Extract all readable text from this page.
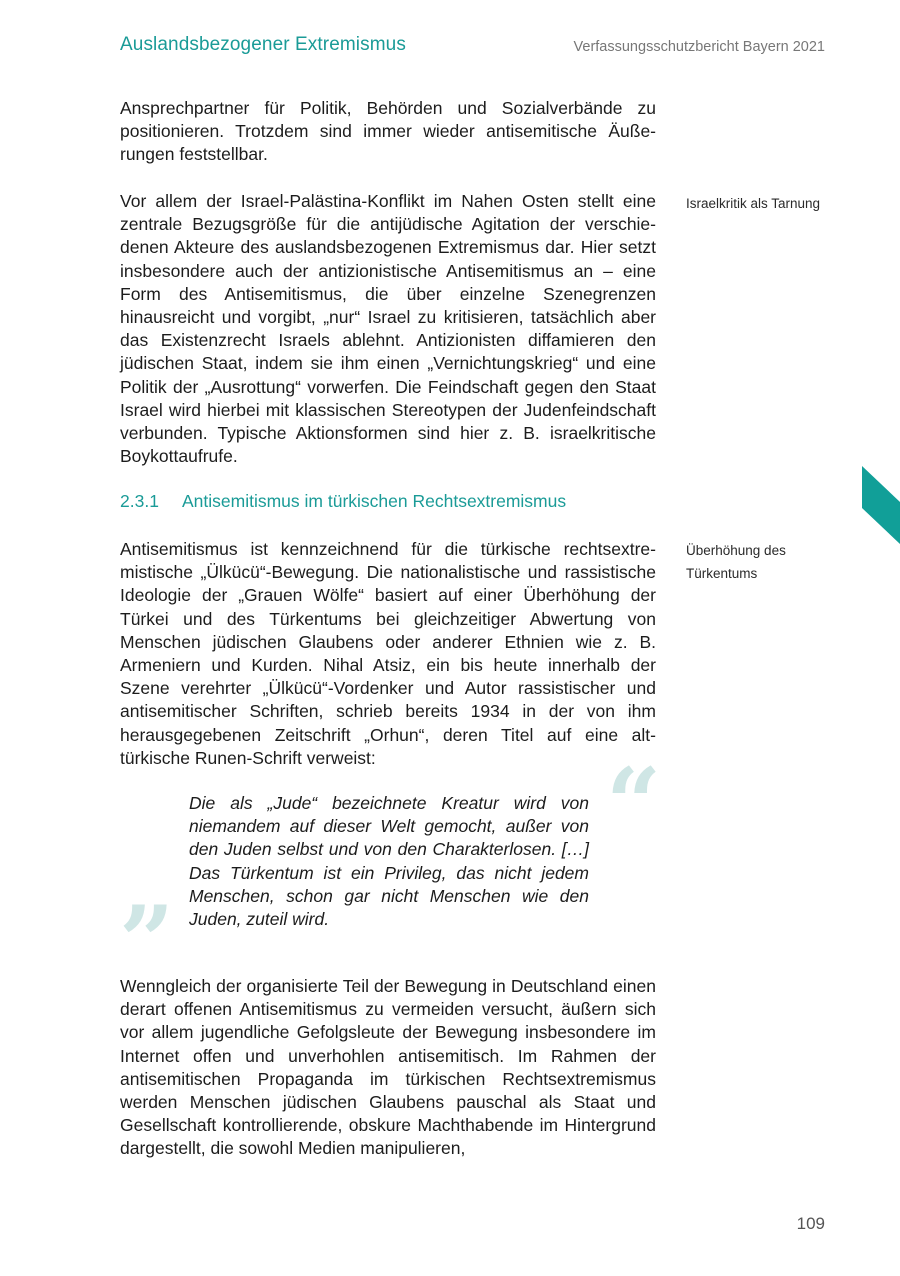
Auslandsbezogener Extremismus	Verfassungsschutzbericht Bayern 2021

Ansprechpartner für Politik, Behörden und Sozialverbände zu positionieren. Trotzdem sind immer wieder antisemitische Äußerungen feststellbar.

Vor allem der Israel-Palästina-Konflikt im Nahen Osten stellt eine zentrale Bezugsgröße für die antijüdische Agitation der verschiedenen Akteure des auslandsbezogenen Extremismus dar. Hier setzt insbesondere auch der antizionistische Antisemitismus an – eine Form des Antisemitismus, die über einzelne Szenegrenzen hinausreicht und vorgibt, „nur“ Israel zu kritisieren, tatsächlich aber das Existenzrecht Israels ablehnt. Antizionisten diffamieren den jüdischen Staat, indem sie ihm einen „Vernichtungskrieg“ und eine Politik der „Ausrottung“ vorwerfen. Die Feindschaft gegen den Staat Israel wird hierbei mit klassischen Stereotypen der Judenfeindschaft verbunden. Typische Aktionsformen sind hier z. B. israelkritische Boykottaufrufe.

Israelkritik als Tarnung
2.3.1 Antisemitismus im türkischen Rechtsextremismus

Antisemitismus ist kennzeichnend für die türkische rechtsextremistische „Ülkücü“-Bewegung. Die nationalistische und rassistische Ideologie der „Grauen Wölfe“ basiert auf einer Überhöhung der Türkei und des Türkentums bei gleichzeitiger Abwertung von Menschen jüdischen Glaubens oder anderer Ethnien wie z. B. Armeniern und Kurden. Nihal Atsiz, ein bis heute innerhalb der Szene verehrter „Ülkücü“-Vordenker und Autor rassistischer und antisemitischer Schriften, schrieb bereits 1934 in der von ihm herausgegebenen Zeitschrift „Orhun“, deren Titel auf eine alttürkische Runen-Schrift verweist:

Überhöhung des Türkentums
“
Die als „Jude“ bezeichnete Kreatur wird von niemandem auf dieser Welt gemocht, außer von den Juden selbst und von den Charakterlosen. […] Das Türkentum ist ein Privileg, das nicht jedem Menschen, schon gar nicht Menschen wie den Juden, zuteil wird.
”

Wenngleich der organisierte Teil der Bewegung in Deutschland einen derart offenen Antisemitismus zu vermeiden versucht, äußern sich vor allem jugendliche Gefolgsleute der Bewegung insbesondere im Internet offen und unverhohlen antisemitisch. Im Rahmen der antisemitischen Propaganda im türkischen Rechtsextremismus werden Menschen jüdischen Glaubens pauschal als Staat und Gesellschaft kontrollierende, obskure Machthabende im Hintergrund dargestellt, die sowohl Medien manipulieren,

109
